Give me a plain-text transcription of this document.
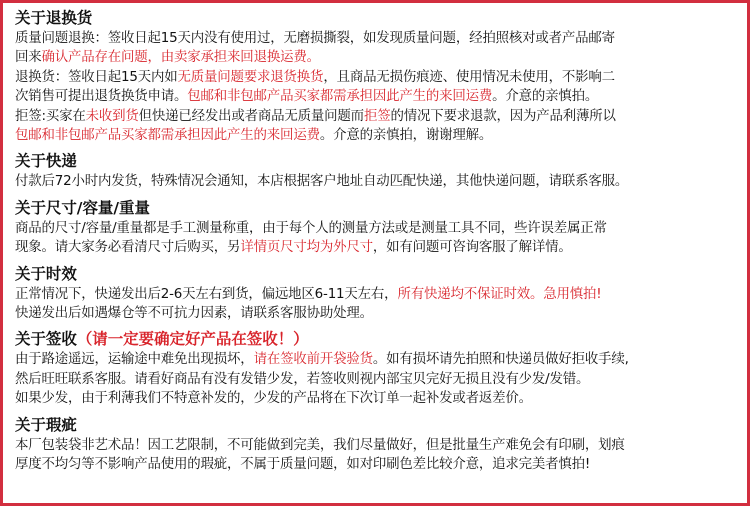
关于退换货
质量问题退换：签收日起15天内没有使用过，无磨损撕裂，如发现质量问题，经拍照核对或者产品邮寄
回来确认产品存在问题，由卖家承担来回退换运费。
退换货：签收日起15天内如无质量问题要求退货换货，且商品无损伤痕迹、使用情况未使用，不影响二
次销售可提出退货换货申请。包邮和非包邮产品买家都需承担因此产生的来回运费。介意的亲慎拍。
拒签:买家在未收到货但快递已经发出或者商品无质量问题而拒签的情况下要求退款，因为产品利薄所以
包邮和非包邮产品买家都需承担因此产生的来回运费。介意的亲慎拍，谢谢理解。
关于快递
付款后72小时内发货，特殊情况会通知，本店根据客户地址自动匹配快递，其他快递问题，请联系客服。
关于尺寸/容量/重量
商品的尺寸/容量/重量都是手工测量称重，由于每个人的测量方法或是测量工具不同，些许误差属正常
现象。请大家务必看清尺寸后购买，另详情页尺寸均为外尺寸，如有问题可咨询客服了解详情。
关于时效
正常情况下，快递发出后2-6天左右到货，偏远地区6-11天左右，所有快递均不保证时效。急用慎拍!
快递发出后如遇爆仓等不可抗力因素，请联系客服协助处理。
关于签收（请一定要确定好产品在签收！）
由于路途遥远，运输途中难免出现损坏，请在签收前开袋验货。如有损坏请先拍照和快递员做好拒收手续,
然后旺旺联系客服。请看好商品有没有发错少发，若签收则视内部宝贝完好无损且没有少发/发错。
如果少发，由于利薄我们不特意补发的，少发的产品将在下次订单一起补发或者返差价。
关于瑕疵
本厂包装袋非艺术品！因工艺限制，不可能做到完美，我们尽量做好，但是批量生产难免会有印刷，划痕
厚度不均匀等不影响产品使用的瑕疵，不属于质量问题，如对印刷色差比较介意，追求完美者慎拍!
